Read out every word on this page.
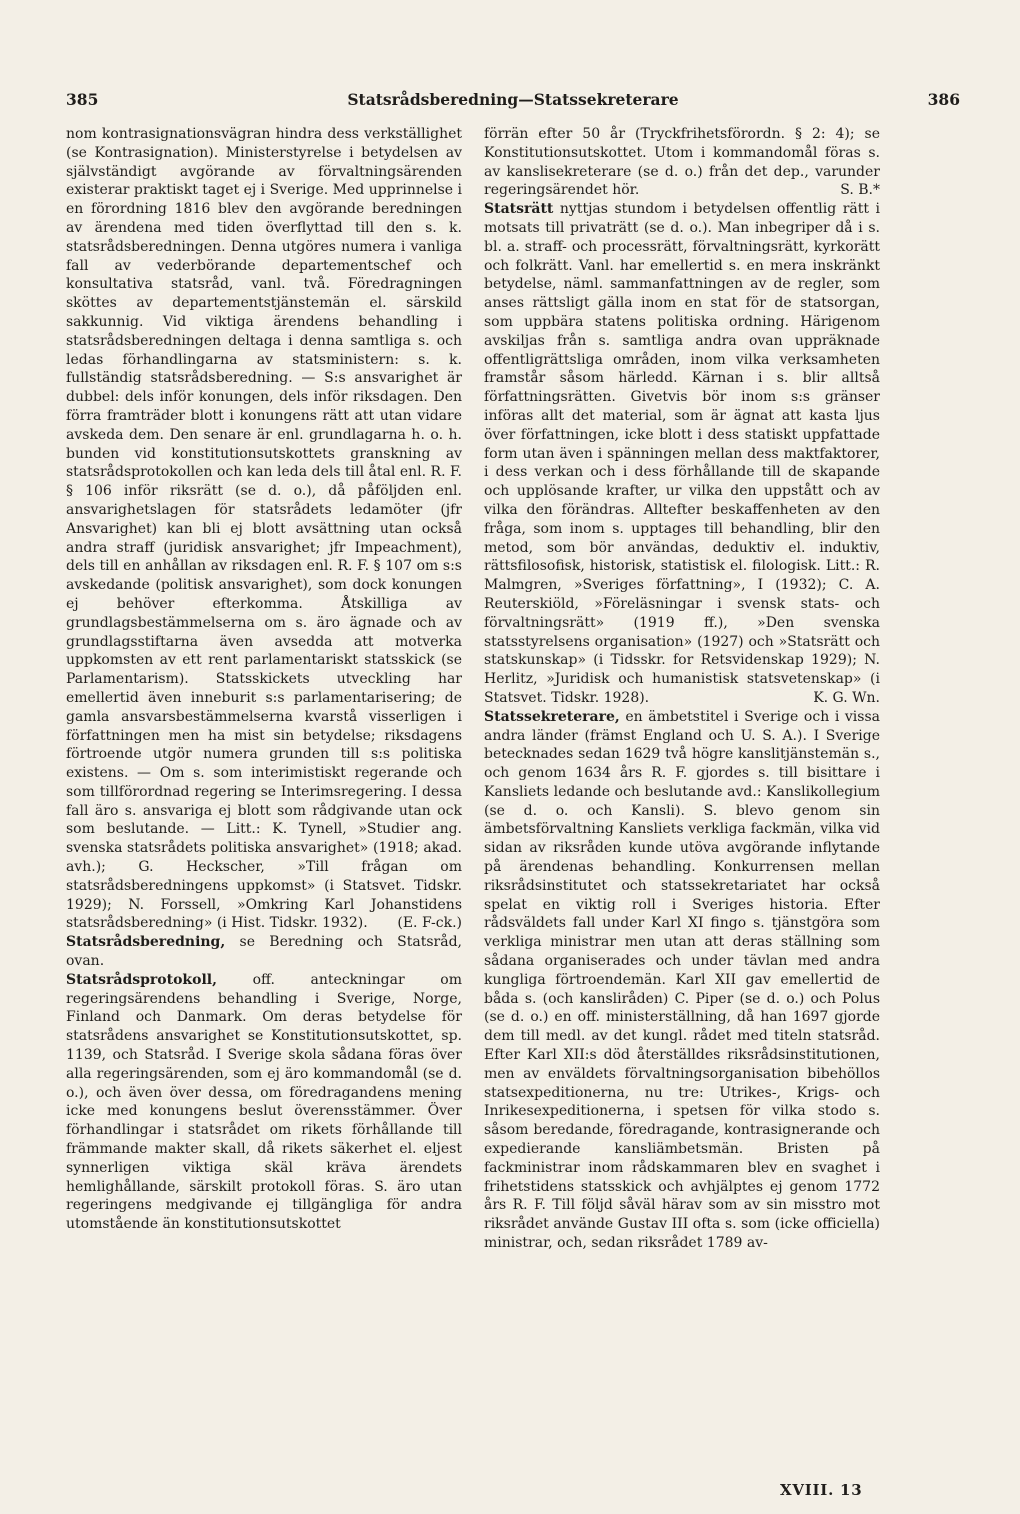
385	Statsrådsberedning—Statssekreterare	386

nom kontrasignationsvägran hindra dess verkställighet (se Kontrasignation). Ministerstyrelse i betydelsen av självständigt avgörande av förvaltningsärenden existerar praktiskt taget ej i Sverige. Med upprinnelse i en förordning 1816 blev den avgörande beredningen av ärendena med tiden överflyttad till den s. k. statsrådsberedningen. Denna utgöres numera i vanliga fall av vederbörande departementschef och konsultativa statsråd, vanl. två. Föredragningen sköttes av departementstjänstemän el. särskild sakkunnig. Vid viktiga ärendens behandling i statsrådsberedningen deltaga i denna samtliga s. och ledas förhandlingarna av statsministern: s. k. fullständig statsrådsberedning. — S:s ansvarighet är dubbel: dels inför konungen, dels inför riksdagen. Den förra framträder blott i konungens rätt att utan vidare avskeda dem. Den senare är enl. grundlagarna h. o. h. bunden vid konstitutionsutskottets granskning av statsrådsprotokollen och kan leda dels till åtal enl. R. F. § 106 inför riksrätt (se d. o.), då påföljden enl. ansvarighetslagen för statsrådets ledamöter (jfr Ansvarighet) kan bli ej blott avsättning utan också andra straff (juridisk ansvarighet; jfr Impeachment), dels till en anhållan av riksdagen enl. R. F. § 107 om s:s avskedande (politisk ansvarighet), som dock konungen ej behöver efterkomma. Åtskilliga av grundlagsbestämmelserna om s. äro ägnade och av grundlagsstiftarna även avsedda att motverka uppkomsten av ett rent parlamentariskt statsskick (se Parlamentarism). Statsskickets utveckling har emellertid även inneburit s:s parlamentarisering; de gamla ansvarsbestämmelserna kvarstå visserligen i författningen men ha mist sin betydelse; riksdagens förtroende utgör numera grunden till s:s politiska existens. — Om s. som interimistiskt regerande och som tillförordnad regering se Interimsregering. I dessa fall äro s. ansvariga ej blott som rådgivande utan ock som beslutande. — Litt.: K. Tynell, »Studier ang. svenska statsrådets politiska ansvarighet» (1918; akad. avh.); G. Heckscher, »Till frågan om statsrådsberedningens uppkomst» (i Statsvet. Tidskr. 1929); N. Forssell, »Omkring Karl Johanstidens statsrådsberedning» (i Hist. Tidskr. 1932). (E. F-ck.)

Statsrådsberedning, se Beredning och Statsråd, ovan.

Statsrådsprotokoll, off. anteckningar om regeringsärendens behandling i Sverige, Norge, Finland och Danmark. Om deras betydelse för statsrådens ansvarighet se Konstitutionsutskottet, sp. 1139, och Statsråd. I Sverige skola sådana föras över alla regeringsärenden, som ej äro kommandomål (se d. o.), och även över dessa, om föredragandens mening icke med konungens beslut överensstämmer. Över förhandlingar i statsrådet om rikets förhållande till främmande makter skall, då rikets säkerhet el. eljest synnerligen viktiga skäl kräva ärendets hemlighållande, särskilt protokoll föras. S. äro utan regeringens medgivande ej tillgängliga för andra utomstående än konstitutionsutskottet

förrän efter 50 år (Tryckfrihetsförordn. § 2: 4); se Konstitutionsutskottet. Utom i kommandomål föras s. av kanslisekreterare (se d. o.) från det dep., varunder regeringsärendet hör.	S. B.*

Statsrätt nyttjas stundom i betydelsen offentlig rätt i motsats till privaträtt (se d. o.). Man inbegriper då i s. bl. a. straff- och processrätt, förvaltningsrätt, kyrkorätt och folkrätt. Vanl. har emellertid s. en mera inskränkt betydelse, näml. sammanfattningen av de regler, som anses rättsligt gälla inom en stat för de statsorgan, som uppbära statens politiska ordning. Härigenom avskiljas från s. samtliga andra ovan uppräknade offentligrättsliga områden, inom vilka verksamheten framstår såsom härledd. Kärnan i s. blir alltså författningsrätten. Givetvis bör inom s:s gränser införas allt det material, som är ägnat att kasta ljus över författningen, icke blott i dess statiskt uppfattade form utan även i spänningen mellan dess maktfaktorer, i dess verkan och i dess förhållande till de skapande och upplösande krafter, ur vilka den uppstått och av vilka den förändras. Alltefter beskaffenheten av den fråga, som inom s. upptages till behandling, blir den metod, som bör användas, deduktiv el. induktiv, rättsfilosofisk, historisk, statistisk el. filologisk. Litt.: R. Malmgren, »Sveriges författning», I (1932); C. A. Reuterskiöld, »Föreläsningar i svensk stats- och förvaltningsrätt» (1919 ff.), »Den svenska statsstyrelsens organisation» (1927) och »Statsrätt och statskunskap» (i Tidsskr. for Retsvidenskap 1929); N. Herlitz, »Juridisk och humanistisk statsvetenskap» (i Statsvet. Tidskr. 1928).	K. G. Wn.

Statssekreterare, en ämbetstitel i Sverige och i vissa andra länder (främst England och U. S. A.). I Sverige betecknades sedan 1629 två högre kanslitjänstemän s., och genom 1634 års R. F. gjordes s. till bisittare i Kansliets ledande och beslutande avd.: Kanslikollegium (se d. o. och Kansli). S. blevo genom sin ämbetsförvaltning Kansliets verkliga fackmän, vilka vid sidan av riksråden kunde utöva avgörande inflytande på ärendenas behandling. Konkurrensen mellan riksrådsinstitutet och statssekretariatet har också spelat en viktig roll i Sveriges historia. Efter rådsväldets fall under Karl XI fingo s. tjänstgöra som verkliga ministrar men utan att deras ställning som sådana organiserades och under tävlan med andra kungliga förtroendemän. Karl XII gav emellertid de båda s. (och kansliråden) C. Piper (se d. o.) och Polus (se d. o.) en off. ministerställning, då han 1697 gjorde dem till medl. av det kungl. rådet med titeln statsråd. Efter Karl XII:s död återställdes riksrådsinstitutionen, men av enväldets förvaltningsorganisation bibehöllos statsexpeditionerna, nu tre: Utrikes-, Krigs- och Inrikesexpeditionerna, i spetsen för vilka stodo s. såsom beredande, föredragande, kontrasignerande och expedierande kansliämbetsmän. Bristen på fackministrar inom rådskammaren blev en svaghet i frihetstidens statsskick och avhjälptes ej genom 1772 års R. F. Till följd såväl härav som av sin misstro mot riksrådet använde Gustav III ofta s. som (icke officiella) ministrar, och, sedan riksrådet 1789 av-

XVIII. 13
